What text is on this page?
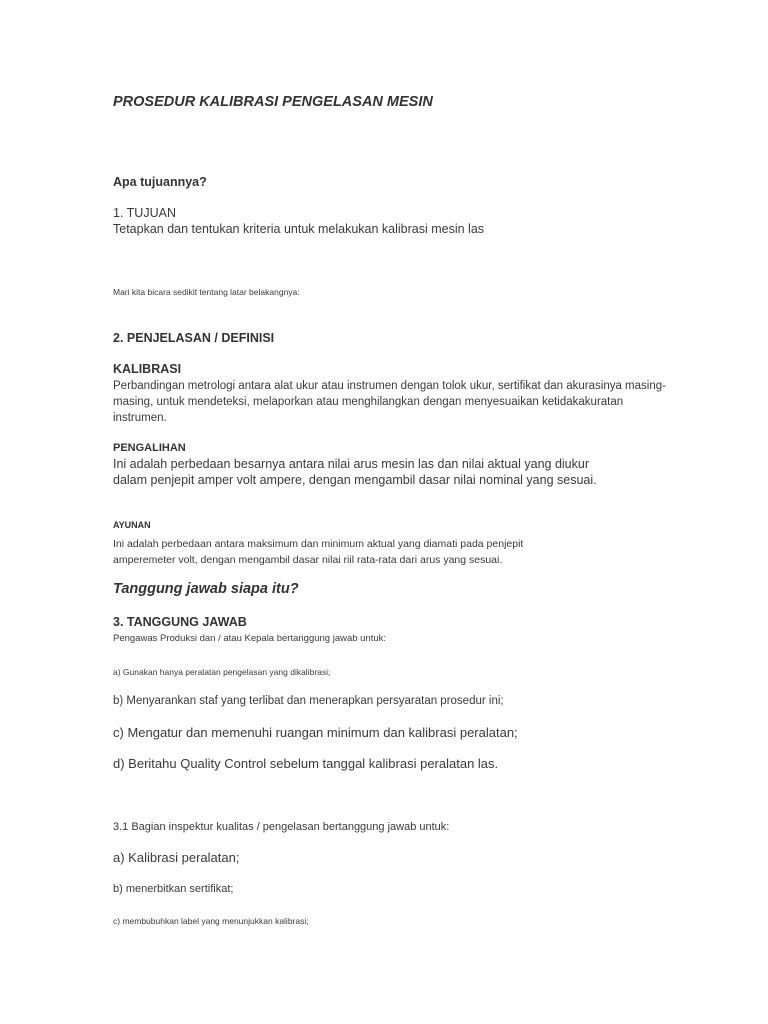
PROSEDUR KALIBRASI PENGELASAN MESIN

Apa tujuannya?

1. TUJUAN

Tetapkan dan tentukan kriteria untuk melakukan kalibrasi mesin las

Mari kita bicara sedikit tentang latar belakangnya:

2. PENJELASAN / DEFINISI

KALIBRASI

Perbandingan metrologi antara alat ukur atau instrumen dengan tolok ukur, sertifikat dan akurasinya masing-masing, untuk mendeteksi, melaporkan atau menghilangkan dengan menyesuaikan ketidakakuratan instrumen.

PENGALIHAN

Ini adalah perbedaan besarnya antara nilai arus mesin las dan nilai aktual yang diukur dalam penjepit amper volt ampere, dengan mengambil dasar nilai nominal yang sesuai.

AYUNAN

Ini adalah perbedaan antara maksimum dan minimum aktual yang diamati pada penjepit amperemeter volt, dengan mengambil dasar nilai riil rata-rata dari arus yang sesuai.

Tanggung jawab siapa itu?

3. TANGGUNG JAWAB

Pengawas Produksi dan / atau Kepala bertanggung jawab untuk:

a) Gunakan hanya peralatan pengelasan yang dikalibrasi;

b) Menyarankan staf yang terlibat dan menerapkan persyaratan prosedur ini;

c) Mengatur dan memenuhi ruangan minimum dan kalibrasi peralatan;

d) Beritahu Quality Control sebelum tanggal kalibrasi peralatan las.

3.1 Bagian inspektur kualitas / pengelasan bertanggung jawab untuk:

a) Kalibrasi peralatan;

b) menerbitkan sertifikat;

c) membubuhkan label yang menunjukkan kalibrasi;
